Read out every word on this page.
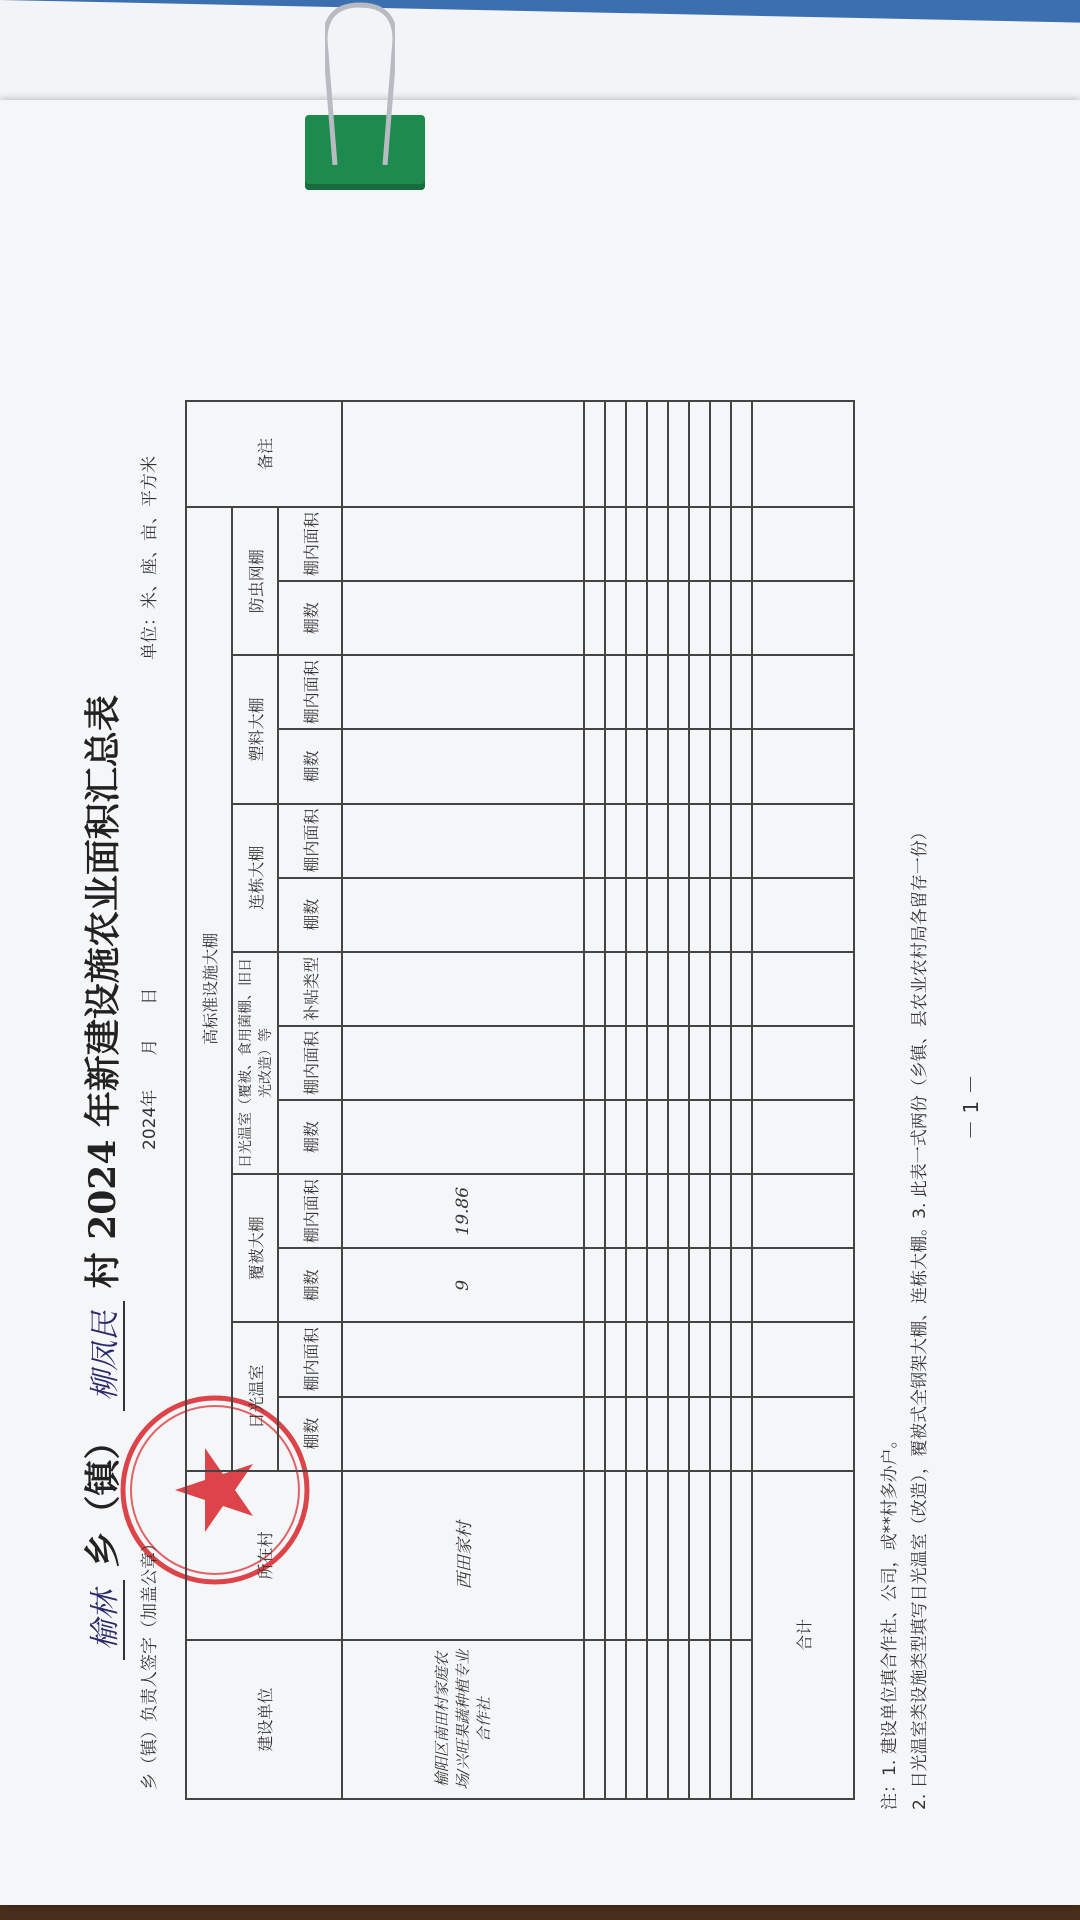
榆林 乡（镇） 柳凤民 村 2024 年新建设施农业面积汇总表
乡（镇）负责人签字（加盖公章）
2024年　　月　　日
单位：米、座、亩、平方米
建设单位	所在村	高标准设施大棚													备注
		日光温室		覆被大棚		日光温室（覆被、食用菌棚、旧日光改造）等			连栋大棚		塑料大棚		防虫网棚		
		棚数	棚内面积	棚数	棚内面积	棚数	棚内面积	补贴类型	棚数	棚内面积	棚数	棚内面积	棚数	棚内面积	
榆阳区南田村家庭农场/兴旺果蔬种植专业合作社	西田家村			9	19.86										

合计																注：1. 建设单位填合作社、公司，或**村多办户。 2. 日光温室类设施类型填写日光温室（改造），覆被式全钢架大棚、连栋大棚。3. 此表一式两份（乡镇、县农业农村局各留存一份） － 1 －
